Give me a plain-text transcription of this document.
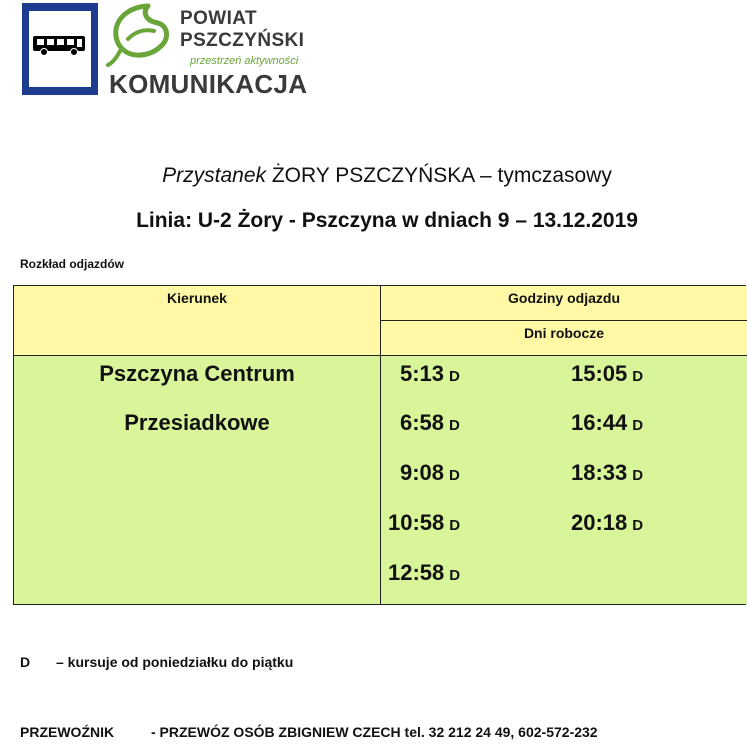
POWIAT
PSZCZYŃSKI
przestrzeń aktywności
KOMUNIKACJA
Przystanek ŻORY PSZCZYŃSKA – tymczasowy
Linia: U-2 Żory - Pszczyna w dniach 9 – 13.12.2019
Rozkład odjazdów
Kierunek	Godziny odjazdu
Dni robocze
Pszczyna Centrum
Przesiadkowe
5:13 D
6:58 D
9:08 D
10:58 D
12:58 D
15:05 D
16:44 D
18:33 D
20:18 D
D – kursuje od poniedziałku do piątku
PRZEWOŹNIK	- PRZEWÓZ OSÓB ZBIGNIEW CZECH tel. 32 212 24 49, 602-572-232
